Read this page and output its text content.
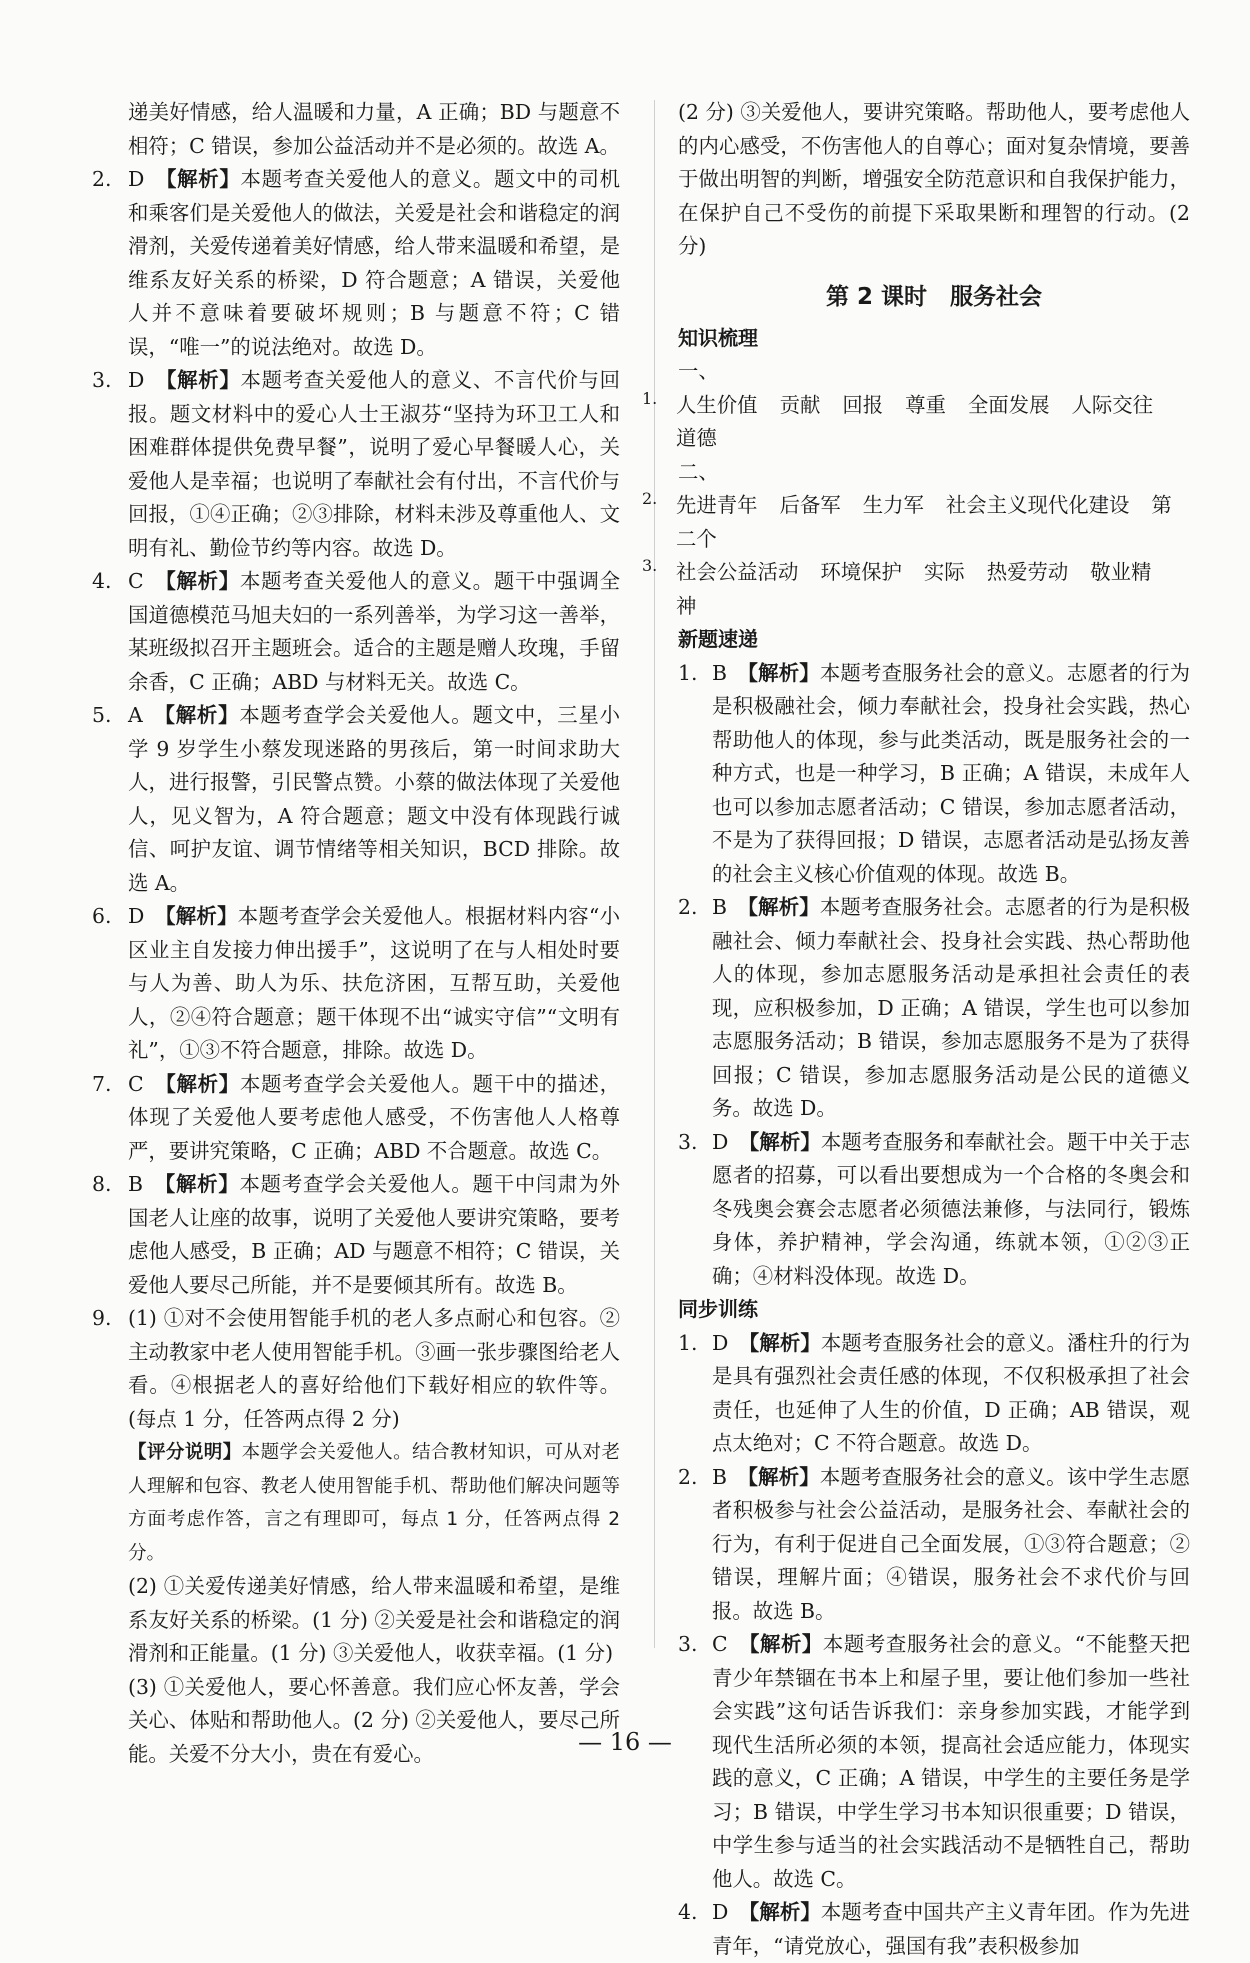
递美好情感，给人温暖和力量，A 正确；BD 与题意不相符；C 错误，参加公益活动并不是必须的。故选 A。

2. D　 【解析】本题考查关爱他人的意义。题文中的司机和乘客们是关爱他人的做法，关爱是社会和谐稳定的润滑剂，关爱传递着美好情感，给人带来温暖和希望，是维系友好关系的桥梁，D 符合题意；A 错误，关爱他人并不意味着要破坏规则；B 与题意不符；C 错误，“唯一”的说法绝对。故选 D。
3. D　 【解析】本题考查关爱他人的意义、不言代价与回报。题文材料中的爱心人士王淑芬“坚持为环卫工人和困难群体提供免费早餐”，说明了爱心早餐暖人心，关爱他人是幸福；也说明了奉献社会有付出，不言代价与回报，①④正确；②③排除，材料未涉及尊重他人、文明有礼、勤俭节约等内容。故选 D。
4. C　 【解析】本题考查关爱他人的意义。题干中强调全国道德模范马旭夫妇的一系列善举，为学习这一善举，某班级拟召开主题班会。适合的主题是赠人玫瑰，手留余香，C 正确；ABD 与材料无关。故选 C。
5. A　 【解析】本题考查学会关爱他人。题文中，三星小学 9 岁学生小蔡发现迷路的男孩后，第一时间求助大人，进行报警，引民警点赞。小蔡的做法体现了关爱他人，见义智为，A 符合题意；题文中没有体现践行诚信、呵护友谊、调节情绪等相关知识，BCD 排除。故选 A。
6. D　 【解析】本题考查学会关爱他人。根据材料内容“小区业主自发接力伸出援手”，这说明了在与人相处时要与人为善、助人为乐、扶危济困，互帮互助，关爱他人，②④符合题意；题干体现不出“诚实守信”“文明有礼”，①③不符合题意，排除。故选 D。
7. C　 【解析】本题考查学会关爱他人。题干中的描述，体现了关爱他人要考虑他人感受，不伤害他人人格尊严，要讲究策略，C 正确；ABD 不合题意。故选 C。
8. B　 【解析】本题考查学会关爱他人。题干中闫肃为外国老人让座的故事，说明了关爱他人要讲究策略，要考虑他人感受，B 正确；AD 与题意不相符；C 错误，关爱他人要尽己所能，并不是要倾其所有。故选 B。
9. (1) ①对不会使用智能手机的老人多点耐心和包容。②主动教家中老人使用智能手机。③画一张步骤图给老人看。④根据老人的喜好给他们下载好相应的软件等。(每点 1 分，任答两点得 2 分)

【评分说明】本题学会关爱他人。结合教材知识，可从对老人理解和包容、教老人使用智能手机、帮助他们解决问题等方面考虑作答，言之有理即可，每点 1 分，任答两点得 2 分。

(2) ①关爱传递美好情感，给人带来温暖和希望，是维系友好关系的桥梁。(1 分) ②关爱是社会和谐稳定的润滑剂和正能量。(1 分) ③关爱他人，收获幸福。(1 分)

(3) ①关爱他人，要心怀善意。我们应心怀友善，学会关心、体贴和帮助他人。(2 分) ②关爱他人，要尽己所能。关爱不分大小，贵在有爱心。

(2 分) ③关爱他人，要讲究策略。帮助他人，要考虑他人的内心感受，不伤害他人的自尊心；面对复杂情境，要善于做出明智的判断，增强安全防范意识和自我保护能力，在保护自己不受伤的前提下采取果断和理智的行动。(2 分)

第 2 课时　服务社会
知识梳理

一、

1. 人生价值 贡献 回报 尊重 全面发展 人际交往道德

二、

2. 先进青年 后备军 生力军 社会主义现代化建设 第二个

3. 社会公益活动 环境保护 实际 热爱劳动 敬业精神

新题速递
1. B　 【解析】本题考查服务社会的意义。志愿者的行为是积极融社会，倾力奉献社会，投身社会实践，热心帮助他人的体现，参与此类活动，既是服务社会的一种方式，也是一种学习，B 正确；A 错误，未成年人也可以参加志愿者活动；C 错误，参加志愿者活动，不是为了获得回报；D 错误，志愿者活动是弘扬友善的社会主义核心价值观的体现。故选 B。
2. B　 【解析】本题考查服务社会。志愿者的行为是积极融社会、倾力奉献社会、投身社会实践、热心帮助他人的体现，参加志愿服务活动是承担社会责任的表现，应积极参加，D 正确；A 错误，学生也可以参加志愿服务活动；B 错误，参加志愿服务不是为了获得回报；C 错误，参加志愿服务活动是公民的道德义务。故选 D。
3. D　 【解析】本题考查服务和奉献社会。题干中关于志愿者的招募，可以看出要想成为一个合格的冬奥会和冬残奥会赛会志愿者必须德法兼修，与法同行，锻炼身体，养护精神，学会沟通，练就本领，①②③正确；④材料没体现。故选 D。
同步训练
1. D　 【解析】本题考查服务社会的意义。潘柱升的行为是具有强烈社会责任感的体现，不仅积极承担了社会责任，也延伸了人生的价值，D 正确；AB 错误，观点太绝对；C 不符合题意。故选 D。
2. B　 【解析】本题考查服务社会的意义。该中学生志愿者积极参与社会公益活动，是服务社会、奉献社会的行为，有利于促进自己全面发展，①③符合题意；②错误，理解片面；④错误，服务社会不求代价与回报。故选 B。
3. C　 【解析】本题考查服务社会的意义。“不能整天把青少年禁锢在书本上和屋子里，要让他们参加一些社会实践”这句话告诉我们：亲身参加实践，才能学到现代生活所必须的本领，提高社会适应能力，体现实践的意义，C 正确；A 错误，中学生的主要任务是学习；B 错误，中学生学习书本知识很重要；D 错误，中学生参与适当的社会实践活动不是牺牲自己，帮助他人。故选 C。
4. D　 【解析】本题考查中国共产主义青年团。作为先进青年，“请党放心，强国有我”表积极参加
— 16 —
